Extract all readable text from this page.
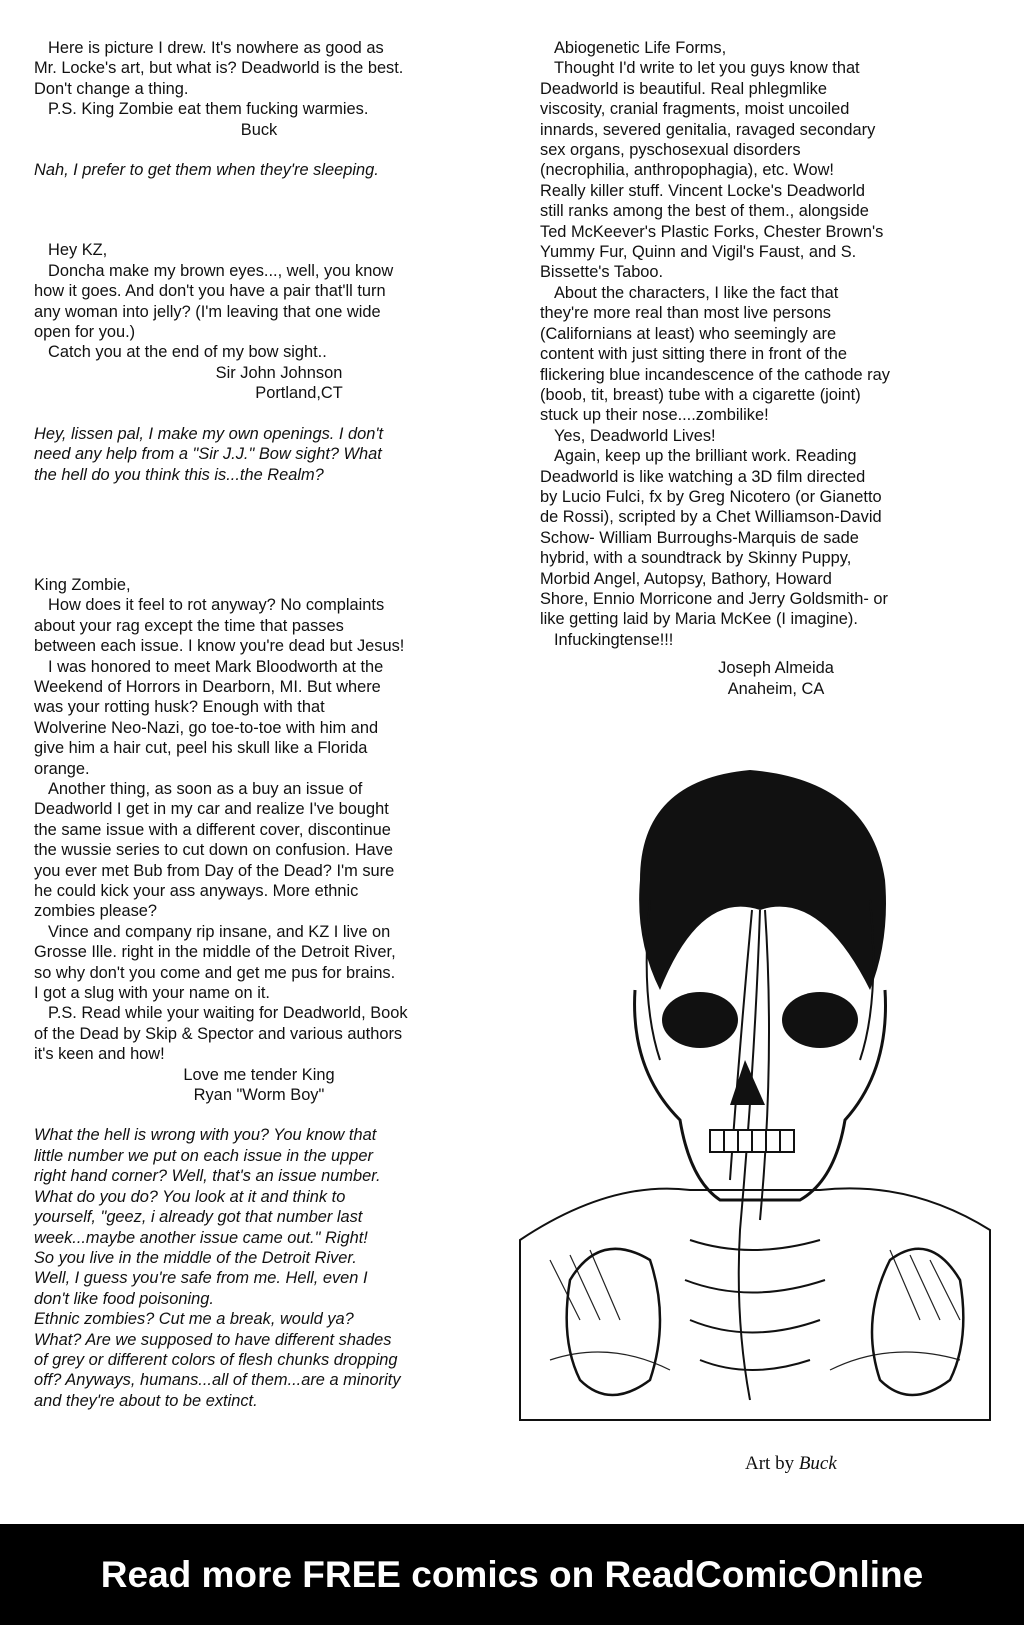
Here is picture I drew. It's nowhere as good as

Mr. Locke's art, but what is? Deadworld is the best.

Don't change a thing.

P.S. King Zombie eat them fucking warmies.

Buck

Nah, I prefer to get them when they're sleeping.

Hey KZ,

Doncha make my brown eyes..., well, you know

how it goes. And don't you have a pair that'll turn

any woman into jelly? (I'm leaving that one wide

open for you.)

Catch you at the end of my bow sight..

Sir John Johnson

Portland,CT

Hey, lissen pal, I make my own openings. I don't

need any help from a "Sir J.J." Bow sight? What

the hell do you think this is...the Realm?

King Zombie,

How does it feel to rot anyway? No complaints

about your rag except the time that passes

between each issue. I know you're dead but Jesus!

I was honored to meet Mark Bloodworth at the

Weekend of Horrors in Dearborn, MI. But where

was your rotting husk? Enough with that

Wolverine Neo-Nazi, go toe-to-toe with him and

give him a hair cut, peel his skull like a Florida

orange.

Another thing, as soon as a buy an issue of

Deadworld I get in my car and realize I've bought

the same issue with a different cover, discontinue

the wussie series to cut down on confusion. Have

you ever met Bub from Day of the Dead? I'm sure

he could kick your ass anyways. More ethnic

zombies please?

Vince and company rip insane, and KZ I live on

Grosse Ille. right in the middle of the Detroit River,

so why don't you come and get me pus for brains.

I got a slug with your name on it.

P.S. Read while your waiting for Deadworld, Book

of the Dead by Skip & Spector and various authors

it's keen and how!

Love me tender King

Ryan "Worm Boy"

What the hell is wrong with you? You know that

little number we put on each issue in the upper

right hand corner? Well, that's an issue number.

What do you do? You look at it and think to

yourself, "geez, i already got that number last

week...maybe another issue came out." Right!

So you live in the middle of the Detroit River.

Well, I guess you're safe from me. Hell, even I

don't like food poisoning.

Ethnic zombies? Cut me a break, would ya?

What? Are we supposed to have different shades

of grey or different colors of flesh chunks dropping

off? Anyways, humans...all of them...are a minority

and they're about to be extinct.

Abiogenetic Life Forms,

Thought I'd write to let you guys know that

Deadworld is beautiful. Real phlegmlike

viscosity, cranial fragments, moist uncoiled

innards, severed genitalia, ravaged secondary

sex organs, pyschosexual disorders

(necrophilia, anthropophagia), etc. Wow!

Really killer stuff. Vincent Locke's Deadworld

still ranks among the best of them., alongside

Ted McKeever's Plastic Forks, Chester Brown's

Yummy Fur, Quinn and Vigil's Faust, and S.

Bissette's Taboo.

About the characters, I like the fact that

they're more real than most live persons

(Californians at least) who seemingly are

content with just sitting there in front of the

flickering blue incandescence of the cathode ray

(boob, tit, breast) tube with a cigarette (joint)

stuck up their nose....zombilike!

Yes, Deadworld Lives!

Again, keep up the brilliant work. Reading

Deadworld is like watching a 3D film directed

by Lucio Fulci, fx by Greg Nicotero (or Gianetto

de Rossi), scripted by a Chet Williamson-David

Schow- William Burroughs-Marquis de sade

hybrid, with a soundtrack by Skinny Puppy,

Morbid Angel, Autopsy, Bathory, Howard

Shore, Ennio Morricone and Jerry Goldsmith- or

like getting laid by Maria McKee (I imagine).

Infuckingtense!!!

Joseph Almeida

Anaheim, CA

Art by Buck
Read more FREE comics on ReadComicOnline
